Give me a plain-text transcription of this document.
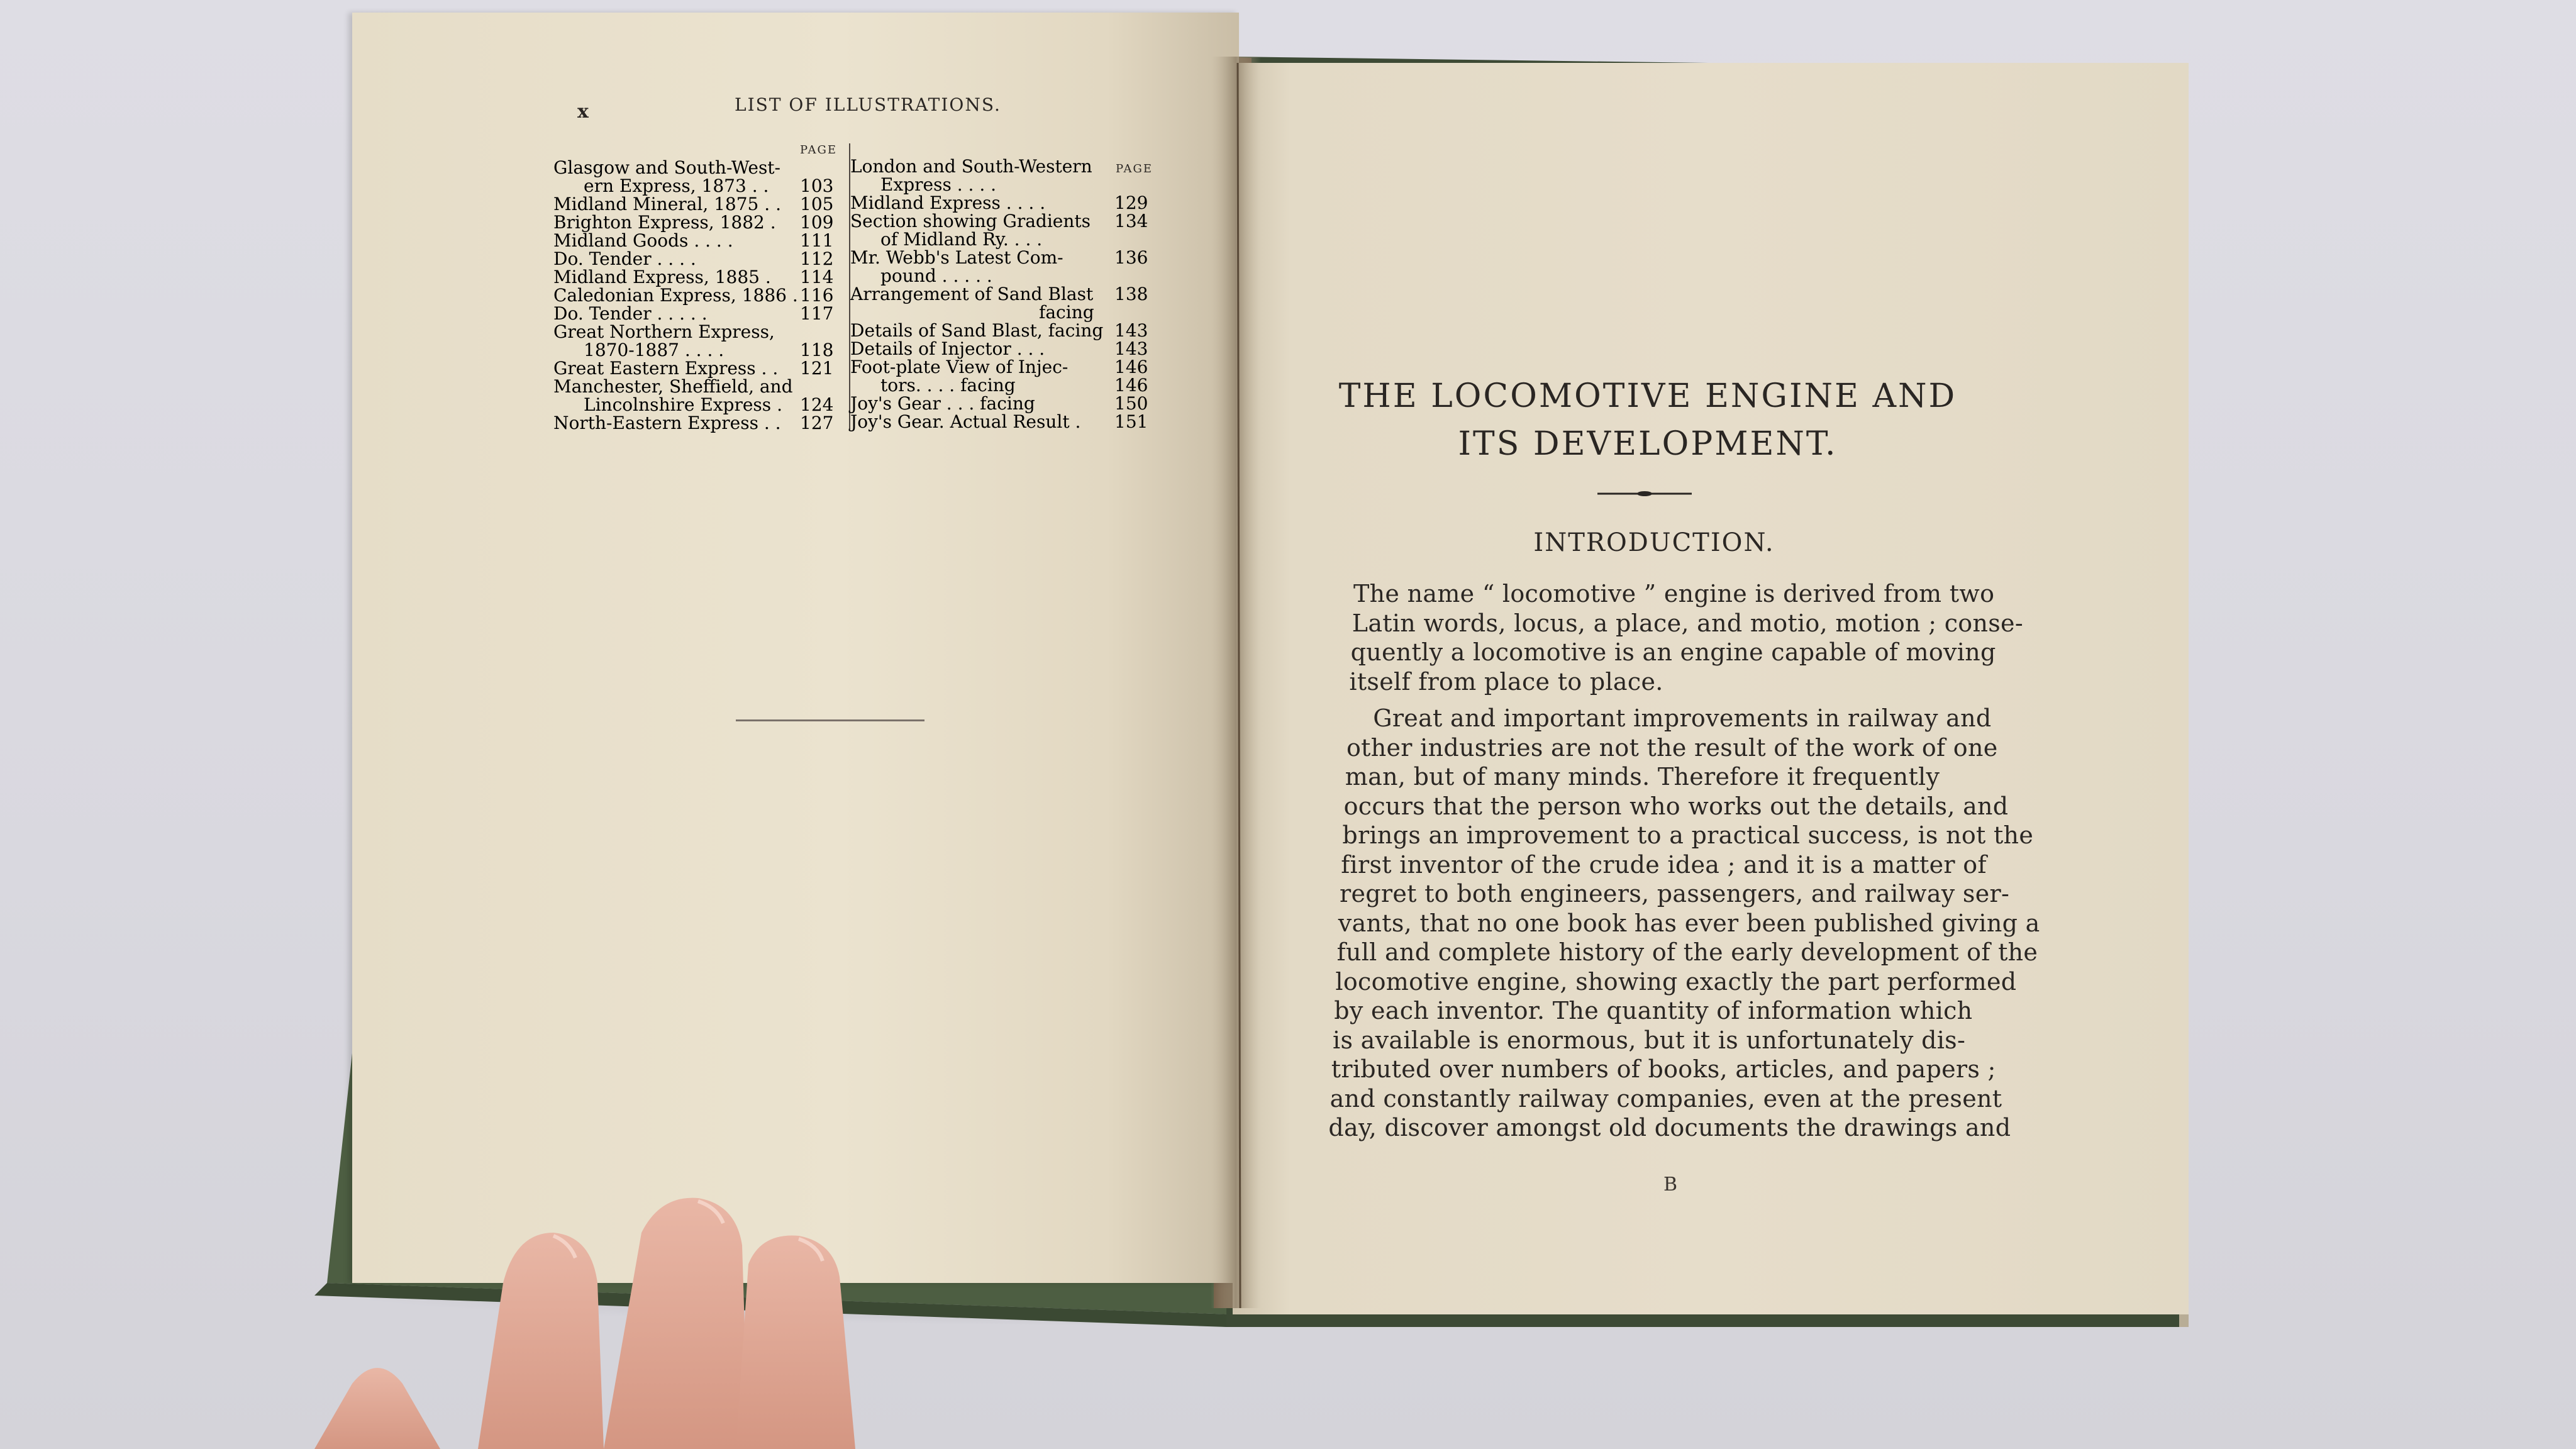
x	LIST OF ILLUSTRATIONS.
PAGE
Glasgow and South-West-
ern Express, 1873 . . 103
Midland Mineral, 1875 . . 105
Brighton Express, 1882 . 109
Midland Goods . . . .	111
Do. Tender . . . .	112
Midland Express, 1885 . 114
Caledonian Express, 1886 . 116
Do. Tender . . . . .	117
Great Northern Express,
1870-1887 . . . .	118
Great Eastern Express . . 121
Manchester, Sheffield, and
Lincolnshire Express . 124
North-Eastern Express . . 127
PAGE
London and South-Western
Express . . . .
Midland Express . . . .	129
Section showing Gradients 134
of Midland Ry. . . .
Mr. Webb's Latest Com-	136
pound . . . . .
Arrangement of Sand Blast 138
facing
Details of Sand Blast, facing 143
Details of Injector . . .	143
Foot-plate View of Injec-	146
tors. . . . facing	146
Joy's Gear . . . facing	150
Joy's Gear. Actual Result . 151
THE LOCOMOTIVE ENGINE AND
ITS DEVELOPMENT.
INTRODUCTION.
The name “ locomotive ” engine is derived from two
Latin words, locus, a place, and motio, motion ; conse-
quently a locomotive is an engine capable of moving
itself from place to place.
Great and important improvements in railway and
other industries are not the result of the work of one
man, but of many minds. Therefore it frequently
occurs that the person who works out the details, and
brings an improvement to a practical success, is not the
first inventor of the crude idea ; and it is a matter of
regret to both engineers, passengers, and railway ser-
vants, that no one book has ever been published giving a
full and complete history of the early development of the
locomotive engine, showing exactly the part performed
by each inventor. The quantity of information which
is available is enormous, but it is unfortunately dis-
tributed over numbers of books, articles, and papers ;
and constantly railway companies, even at the present
day, discover amongst old documents the drawings and
B
